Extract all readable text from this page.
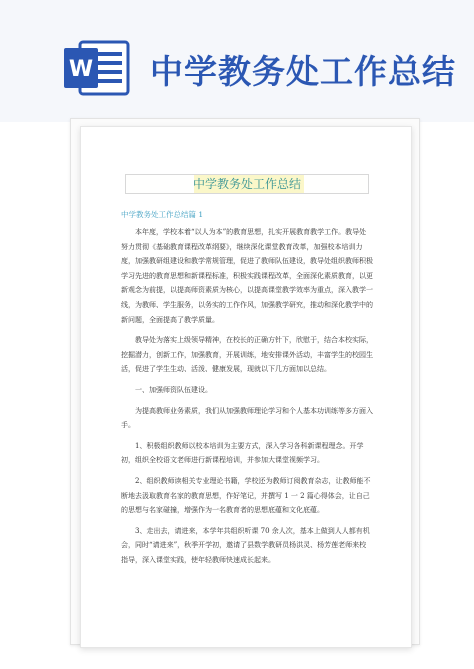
W 中学教务处工作总结
中学教务处工作总结
中学教务处工作总结篇 1

本年度，学校本着“以人为本”的教育思想，扎实开展教育教学工作。教导处努力贯彻《基础教育课程改革纲要》，继续深化课堂教育改革，加强校本培训力度，加强教研组建设和教学常规管理，促进了教师队伍建设，教导处组织教师积极学习先进的教育思想和新课程标准，积极实践课程改革，全面深化素质教育，以更新观念为前提，以提高师资素质为核心，以提高课堂教学效率为重点，深入教学一线，为教师、学生服务，以务实的工作作风，加强教学研究，推动和深化教学中的新问题，全面提高了教学质量。

教导处为落实上级领导精神，在校长的正确方针下，欣慰于，结合本校实际，挖掘潜力，创新工作，加强教育，开展训练，地安排课外活动，丰富学生的校园生活，促进了学生生动、活泼、健康发展，现就以下几方面加以总结。

一、加强师资队伍建设。

为提高教师业务素质，我们从加强教师理论学习和个人基本功训练等多方面入手。

1、积极组织教师以校本培训为主要方式，深入学习各科新课程理念。开学初，组织全校语文老师进行新课程培训，并参加大课堂视频学习。

2、组织教师读相关专业理论书籍，学校还为教师订阅教育杂志，让教师能不断地去汲取教育名家的教育思想，作好笔记，并撰写 1 一 2 篇心得体会，让自己的思想与名家碰撞，增强作为一名教育者的思想底蕴和文化底蕴。

3、走出去，请进来，本学年共组织听课 70 余人次，基本上做到人人都有机会，同时“请进来”，秋季开学初，邀请了县数学教研员杨洪灵、杨芳莲老师来校指导，深入课堂实践，使年轻教师快速成长起来。
